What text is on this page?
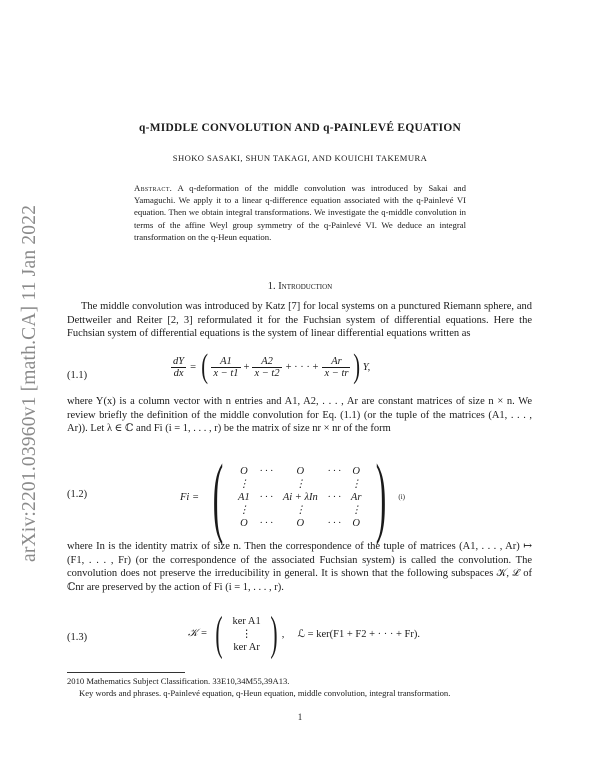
arXiv:2201.03960v1 [math.CA] 11 Jan 2022
q-MIDDLE CONVOLUTION AND q-PAINLEVÉ EQUATION
SHOKO SASAKI, SHUN TAKAGI, AND KOUICHI TAKEMURA
Abstract. A q-deformation of the middle convolution was introduced by Sakai and Yamaguchi. We apply it to a linear q-difference equation associated with the q-Painlevé VI equation. Then we obtain integral transformations. We investigate the q-middle convolution in terms of the affine Weyl group symmetry of the q-Painlevé VI. We deduce an integral transformation on the q-Heun equation.
1. Introduction
The middle convolution was introduced by Katz [7] for local systems on a punctured Riemann sphere, and Dettweiler and Reiter [2, 3] reformulated it for the Fuchsian system of differential equations. Here the Fuchsian system of differential equations is the system of linear differential equations written as
(1.1)	$\frac{dY}{dx}$ = ( $\frac{A1}{x - t1} + \frac{A2}{x - t2}$ + · · · + $\frac{Ar}{x - tr}$ ) Y,
where Y(x) is a column vector with n entries and A1, A2, . . . , Ar are constant matrices of size n × n. We review briefly the definition of the middle convolution for Eq. (1.1) (or the tuple of the matrices (A1, . . . , Ar)). Let λ ∈ ℂ and Fi (i = 1, . . . , r) be the matrix of size nr × nr of the form
(1.2)	Fi = ( O	· · ·	O	· · ·	O
⋮		⋮		⋮
A1	· · ·	Ai + λIn	· · ·	Ar
⋮		⋮		⋮
O	· · ·	O	· · ·	O ) (i)
where In is the identity matrix of size n. Then the correspondence of the tuple of matrices (A1, . . . , Ar) ↦ (F1, . . . , Fr) (or the correspondence of the associated Fuchsian system) is called the convolution. The convolution does not preserve the irreducibility in general. It is shown that the following subspaces 𝒦, ℒ of ℂnr are preserved by the action of Fi (i = 1, . . . , r).
(1.3)	𝒦 = ( ker A1
⋮
ker Ar ) ,     ℒ = ker(F1 + F2 + · · · + Fr).
2010 Mathematics Subject Classification. 33E10,34M55,39A13.
Key words and phrases. q-Painlevé equation, q-Heun equation, middle convolution, integral transformation.
1
